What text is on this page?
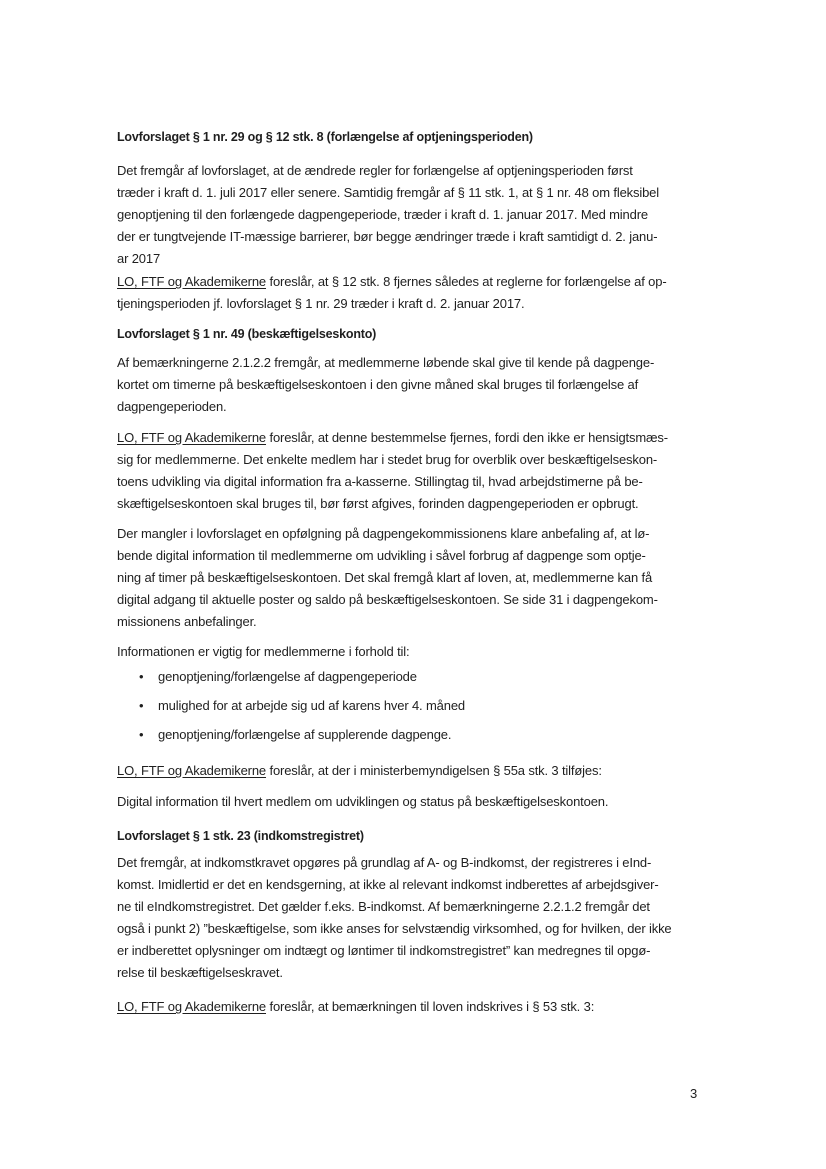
Lovforslaget § 1 nr. 29 og § 12 stk. 8 (forlængelse af optjeningsperioden)
Det fremgår af lovforslaget, at de ændrede regler for forlængelse af optjeningsperioden først
træder i kraft d. 1. juli 2017 eller senere. Samtidig fremgår af § 11 stk. 1, at § 1 nr. 48 om fleksibel
genoptjening til den forlængede dagpengeperiode, træder i kraft d. 1. januar 2017. Med mindre
der er tungtvejende IT-mæssige barrierer, bør begge ændringer træde i kraft samtidigt d. 2. janu-
ar 2017
LO, FTF og Akademikerne foreslår, at § 12 stk. 8 fjernes således at reglerne for forlængelse af op-
tjeningsperioden jf. lovforslaget § 1 nr. 29 træder i kraft d. 2. januar 2017.
Lovforslaget § 1 nr. 49 (beskæftigelseskonto)
Af bemærkningerne 2.1.2.2 fremgår, at medlemmerne løbende skal give til kende på dagpenge-
kortet om timerne på beskæftigelseskontoen i den givne måned skal bruges til forlængelse af
dagpengeperioden.
LO, FTF og Akademikerne foreslår, at denne bestemmelse fjernes, fordi den ikke er hensigtsmæs-
sig for medlemmerne. Det enkelte medlem har i stedet brug for overblik over beskæftigelseskon-
toens udvikling via digital information fra a-kasserne. Stillingtag til, hvad arbejdstimerne på be-
skæftigelseskontoen skal bruges til, bør først afgives, forinden dagpengeperioden er opbrugt.
Der mangler i lovforslaget en opfølgning på dagpengekommissionens klare anbefaling af, at lø-
bende digital information til medlemmerne om udvikling i såvel forbrug af dagpenge som optje-
ning af timer på beskæftigelseskontoen. Det skal fremgå klart af loven, at, medlemmerne kan få
digital adgang til aktuelle poster og saldo på beskæftigelseskontoen. Se side 31 i dagpengekom-
missionens anbefalinger.
Informationen er vigtig for medlemmerne i forhold til:
•	genoptjening/forlængelse af dagpengeperiode
•	mulighed for at arbejde sig ud af karens hver 4. måned
•	genoptjening/forlængelse af supplerende dagpenge.
LO, FTF og Akademikerne foreslår, at der i ministerbemyndigelsen § 55a stk. 3 tilføjes:
Digital information til hvert medlem om udviklingen og status på beskæftigelseskontoen.
Lovforslaget § 1 stk. 23 (indkomstregistret)
Det fremgår, at indkomstkravet opgøres på grundlag af A- og B-indkomst, der registreres i eInd-
komst. Imidlertid er det en kendsgerning, at ikke al relevant indkomst indberettes af arbejdsgiver-
ne til eIndkomstregistret. Det gælder f.eks. B-indkomst. Af bemærkningerne 2.2.1.2 fremgår det
også i punkt 2) ”beskæftigelse, som ikke anses for selvstændig virksomhed, og for hvilken, der ikke
er indberettet oplysninger om indtægt og løntimer til indkomstregistret” kan medregnes til opgø-
relse til beskæftigelseskravet.
LO, FTF og Akademikerne foreslår, at bemærkningen til loven indskrives i § 53 stk. 3:
3
